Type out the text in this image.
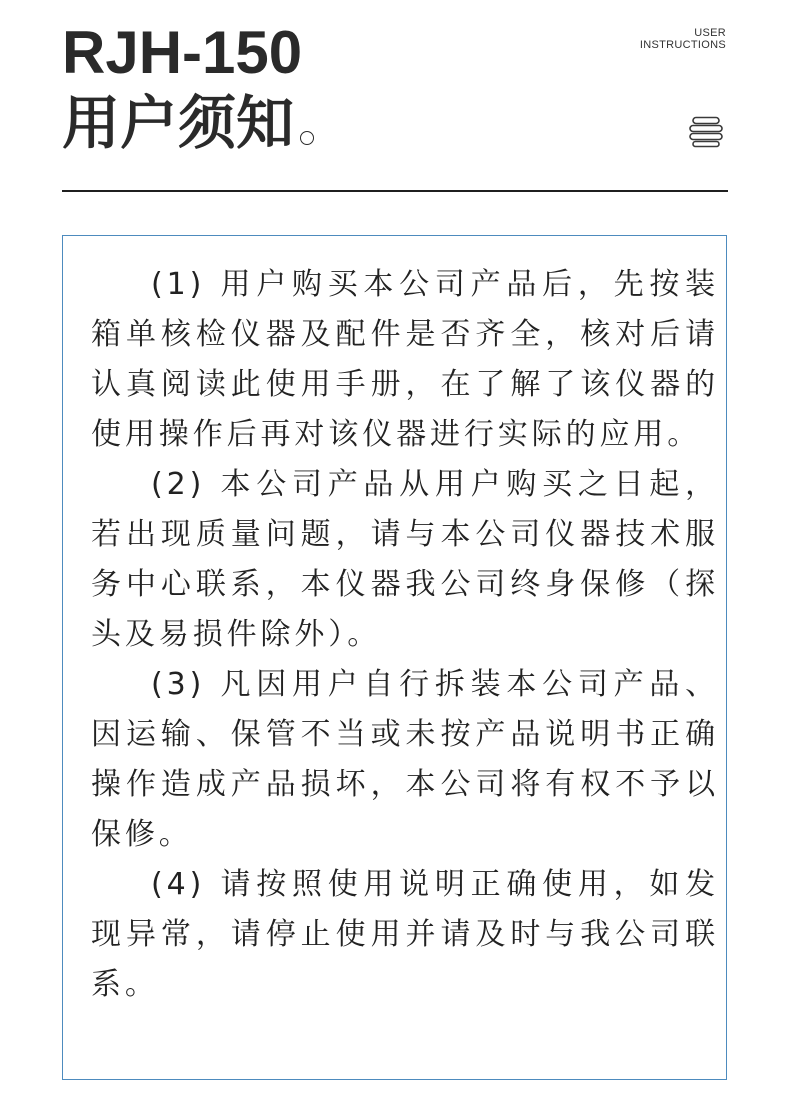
RJH-150
用户须知
USER
INSTRUCTIONS

(1) 用户购买本公司产品后，先按装箱单核检仪器及配件是否齐全，核对后请认真阅读此使用手册，在了解了该仪器的使用操作后再对该仪器进行实际的应用。

(2) 本公司产品从用户购买之日起，若出现质量问题，请与本公司仪器技术服务中心联系，本仪器我公司终身保修（探头及易损件除外）。

(3) 凡因用户自行拆装本公司产品、因运输、保管不当或未按产品说明书正确操作造成产品损坏，本公司将有权不予以保修。

(4) 请按照使用说明正确使用，如发现异常，请停止使用并请及时与我公司联系。
